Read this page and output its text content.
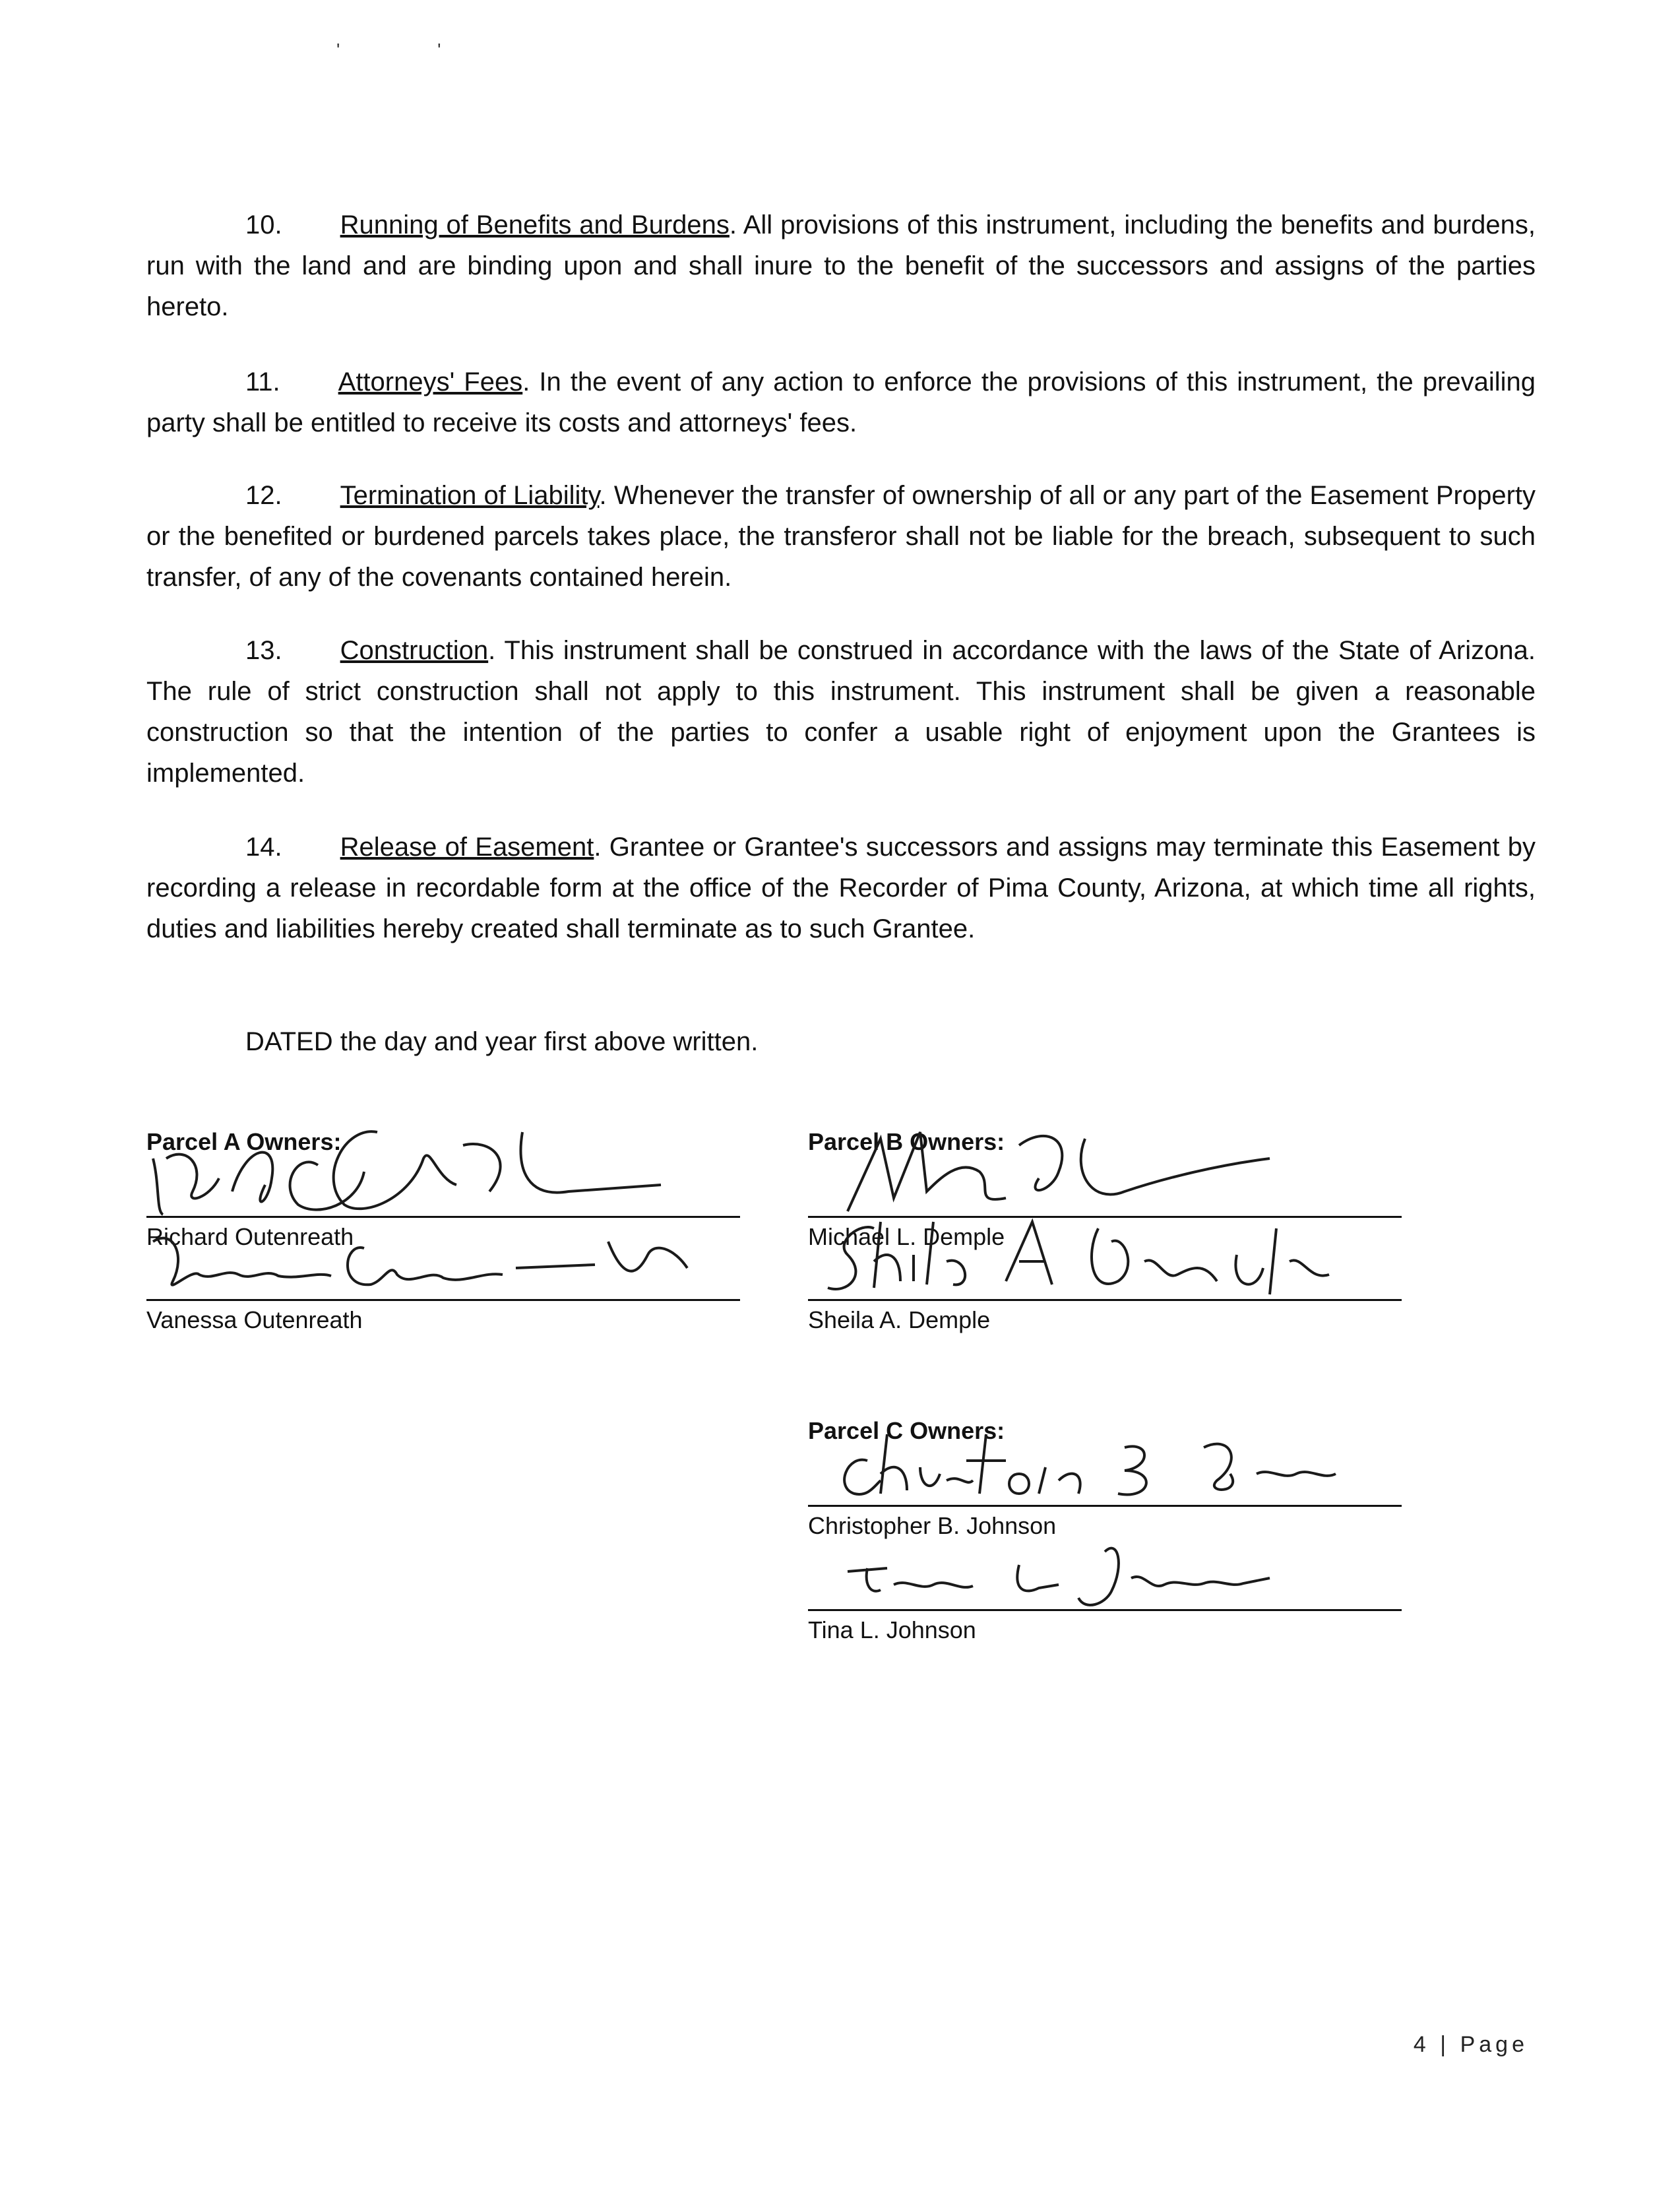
'	'

10. Running of Benefits and Burdens. All provisions of this instrument, including the benefits and burdens, run with the land and are binding upon and shall inure to the benefit of the successors and assigns of the parties hereto.

11. Attorneys' Fees. In the event of any action to enforce the provisions of this instrument, the prevailing party shall be entitled to receive its costs and attorneys' fees.

12. Termination of Liability. Whenever the transfer of ownership of all or any part of the Easement Property or the benefited or burdened parcels takes place, the transferor shall not be liable for the breach, subsequent to such transfer, of any of the covenants contained herein.

13. Construction. This instrument shall be construed in accordance with the laws of the State of Arizona. The rule of strict construction shall not apply to this instrument. This instrument shall be given a reasonable construction so that the intention of the parties to confer a usable right of enjoyment upon the Grantees is implemented.

14. Release of Easement. Grantee or Grantee's successors and assigns may terminate this Easement by recording a release in recordable form at the office of the Recorder of Pima County, Arizona, at which time all rights, duties and liabilities hereby created shall terminate as to such Grantee.

DATED the day and year first above written.

Parcel A Owners:
Richard Outenreath
Vanessa Outenreath
Parcel B Owners:
Michael L. Demple
Sheila A. Demple
Parcel C Owners:
Christopher B. Johnson
Tina L. Johnson
4 | Page
